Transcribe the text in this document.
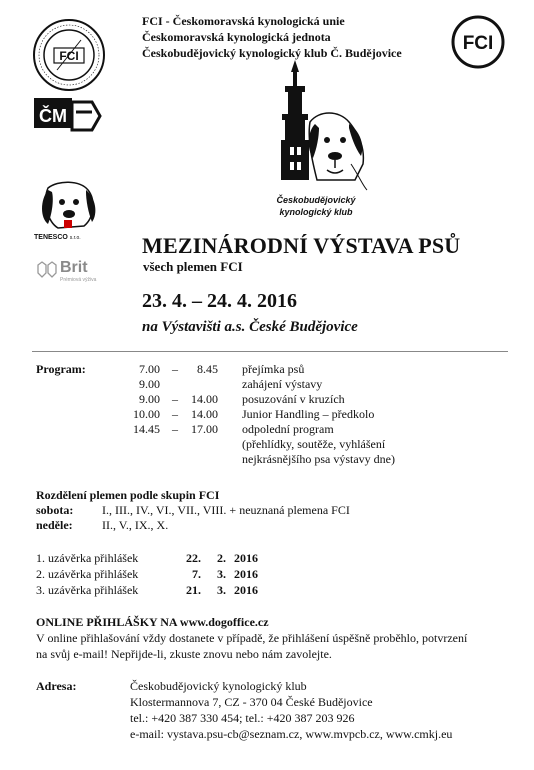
FCI - Českomoravská kynologická unie
Českomoravská kynologická jednota
Českobudějovický kynologický klub Č. Budějovice
FCI
FCI
ČM
Českobudějovický
kynologický klub
TENESCO s.r.o.
Brit
Prémiová výživa
MEZINÁRODNÍ VÝSTAVA PSŮ
všech plemen FCI
23. 4. – 24. 4. 2016
na Výstavišti a.s. České Budějovice
Program:	7.00 –	8.45 přejímka psů
9.00	zahájení výstavy
9.00 –	14.00 posuzování v kruzích
10.00 –	14.00 Junior Handling – předkolo
14.45 –	17.00 odpolední program
(přehlídky, soutěže, vyhlášení
nejkrásnějšího psa výstavy dne)
Rozdělení plemen podle skupin FCI
sobota: I., III., IV., VI., VII., VIII. + neuznaná plemena FCI
neděle: II., V., IX., X.
1. uzávěrka přihlášek	22.	2. 2016
2. uzávěrka přihlášek	7.	3. 2016
3. uzávěrka přihlášek	21.	3. 2016
ONLINE PŘIHLÁŠKY NA www.dogoffice.cz
V online přihlašování vždy dostanete v případě, že přihlášení úspěšně proběhlo, potvrzení
na svůj e-mail! Nepřijde-li, zkuste znovu nebo nám zavolejte.
Adresa:	Českobudějovický kynologický klub
Klostermannova 7, CZ - 370 04 České Budějovice
tel.: +420 387 330 454; tel.: +420 387 203 926
e-mail: vystava.psu-cb@seznam.cz, www.mvpcb.cz, www.cmkj.eu
